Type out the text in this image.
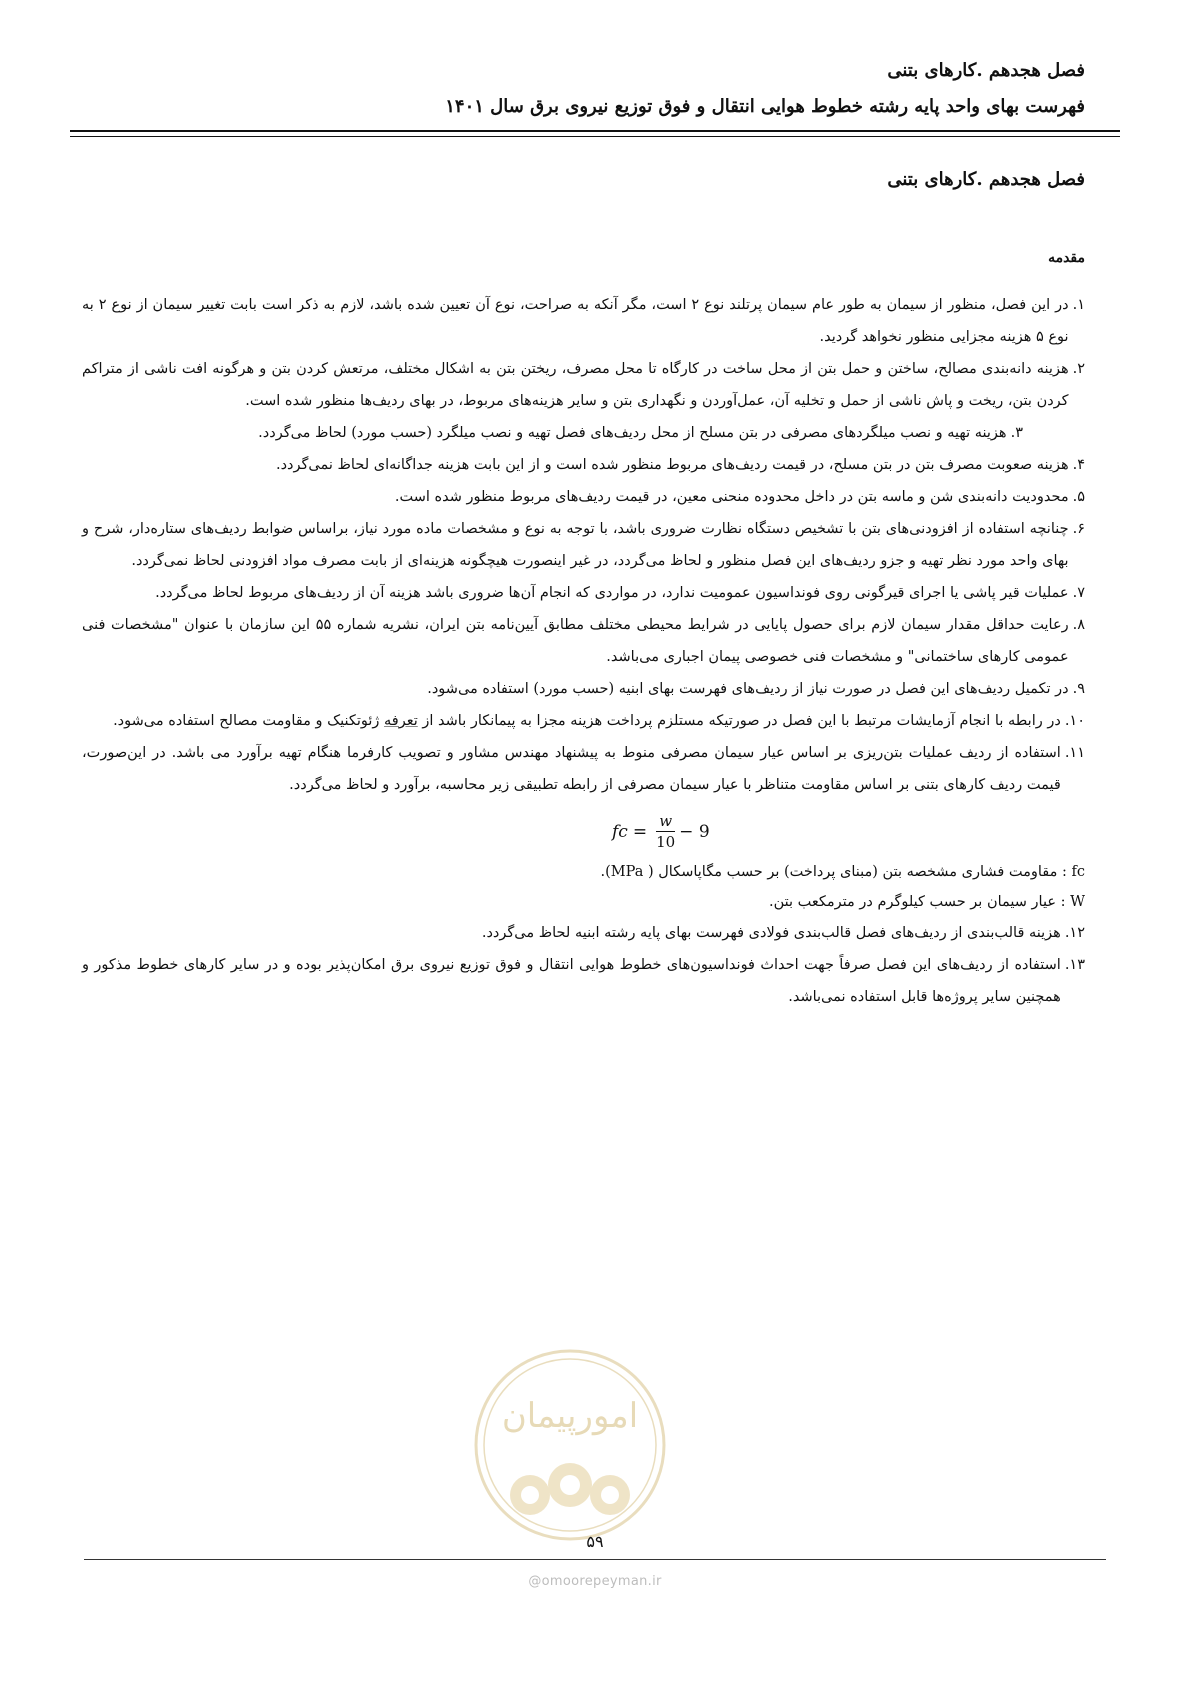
فصل هجدهم .کارهای بتنی
فهرست بهای واحد پایه رشته خطوط هوایی انتقال و فوق توزیع نیروی برق سال ۱۴۰۱
فصل هجدهم .کارهای بتنی
مقدمه
۱.
در این فصل، منظور از سیمان به طور عام سیمان پرتلند نوع ۲ است، مگر آنکه به صراحت، نوع آن تعیین شده باشد، لازم به ذکر است بابت تغییر سیمان از نوع ۲ به نوع ۵ هزینه مجزایی منظور نخواهد گردید.
۲.
هزینه دانه‌بندی مصالح، ساختن و حمل بتن از محل ساخت در کارگاه تا محل مصرف، ریختن بتن به اشکال مختلف، مرتعش کردن بتن و هرگونه افت ناشی از متراکم کردن بتن، ریخت و پاش ناشی از حمل و تخلیه آن، عمل‌آوردن و نگهداری بتن و سایر هزینه‌های مربوط، در بهای ردیف‌ها منظور شده است.
۳.
هزینه تهیه و نصب میلگردهای مصرفی در بتن مسلح از محل ردیف‌های فصل تهیه و نصب میلگرد (حسب مورد) لحاظ می‌گردد.
۴.
هزینه صعوبت مصرف بتن در بتن مسلح، در قیمت ردیف‌های مربوط منظور شده است و از این بابت هزینه جداگانه‌ای لحاظ نمی‌گردد.
۵.
محدودیت دانه‌بندی شن و ماسه بتن در داخل محدوده منحنی معین، در قیمت ردیف‌های مربوط منظور شده است.
۶.
چنانچه استفاده از افزودنی‌های بتن با تشخیص دستگاه نظارت ضروری باشد، با توجه به نوع و مشخصات ماده مورد نیاز، براساس ضوابط ردیف‌های ستاره‌دار، شرح و بهای واحد مورد نظر تهیه و جزو ردیف‌های این فصل منظور و لحاظ می‌گردد، در غیر اینصورت هیچگونه هزینه‌ای از بابت مصرف مواد افزودنی لحاظ نمی‌گردد.
۷.
عملیات قیر پاشی یا اجرای قیرگونی روی فونداسیون عمومیت ندارد، در مواردی که انجام آن‌ها ضروری باشد هزینه آن از ردیف‌های مربوط لحاظ می‌گردد.
۸.
رعایت حداقل مقدار سیمان لازم برای حصول پایایی در شرایط محیطی مختلف مطابق آیین‌نامه بتن ایران، نشریه شماره ۵۵ این سازمان با عنوان "مشخصات فنی عمومی کارهای ساختمانی" و مشخصات فنی خصوصی پیمان اجباری می‌باشد.
۹.
در تکمیل ردیف‌های این فصل در صورت نیاز از ردیف‌های فهرست بهای ابنیه (حسب مورد) استفاده می‌شود.
۱۰.
در رابطه با انجام آزمایشات مرتبط با این فصل در صورتیکه مستلزم پرداخت هزینه مجزا به پیمانکار باشد از تعرفه ژئوتکنیک و مقاومت مصالح استفاده می‌شود.
۱۱.
استفاده از ردیف عملیات بتن‌ریزی بر اساس عیار سیمان مصرفی منوط به پیشنهاد مهندس مشاور و تصویب کارفرما هنگام تهیه برآورد می باشد. در این‌صورت، قیمت ردیف کارهای بتنی بر اساس مقاومت متناظر با عیار سیمان مصرفی از رابطه تطبیقی زیر محاسبه، برآورد و لحاظ می‌گردد.
fc = $\frac{w}{10} - 9$
fc : مقاومت فشاری مشخصه بتن (مبنای پرداخت) بر حسب مگاپاسکال ( MPa).
W : عیار سیمان بر حسب کیلوگرم در مترمکعب بتن.
۱۲.
هزینه قالب‌بندی از ردیف‌های فصل قالب‌بندی فولادی فهرست بهای پایه رشته ابنیه لحاظ می‌گردد.
۱۳.
استفاده از ردیف‌های این فصل صرفاً جهت احداث فونداسیون‌های خطوط هوایی انتقال و فوق توزیع نیروی برق امکان‌پذیر بوده و در سایر کارهای خطوط مذکور و همچنین سایر پروژه‌ها قابل استفاده نمی‌باشد.
امورپیمان
۵۹
@omoorepeyman.ir
